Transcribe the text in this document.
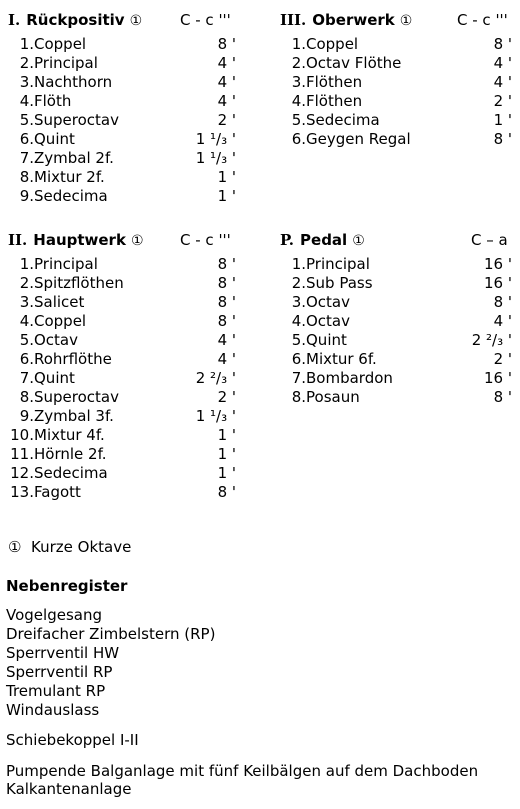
I. Rückpositiv ①	C - c '''
1.Coppel	8 '
2.Principal	4 '
3.Nachthorn	4 '
4.Flöth	4 '
5.Superoctav	2 '
6.Quint	1 ¹/₃ '
7.Zymbal 2f.	1 ¹/₃ '
8.Mixtur 2f.	1 '
9.Sedecima	1 '
III. Oberwerk ①	C - c '''
1.Coppel	8 '
2.Octav Flöthe	4 '
3.Flöthen	4 '
4.Flöthen	2 '
5.Sedecima	1 '
6.Geygen Regal	8 '
II. Hauptwerk ① C - c '''
1.Principal	8 '
2.Spitzflöthen	8 '
3.Salicet	8 '
4.Coppel	8 '
5.Octav	4 '
6.Rohrflöthe	4 '
7.Quint	2 ²/₃ '
8.Superoctav	2 '
9.Zymbal 3f.	1 ¹/₃ '
10.Mixtur 4f.	1 '
11.Hörnle 2f.	1 '
12.Sedecima	1 '
13.Fagott	8 '
P. Pedal ①	C – a
1.Principal	16 '
2.Sub Pass	16 '
3.Octav	8 '
4.Octav	4 '
5.Quint	2 ²/₃ '
6.Mixtur 6f.	2 '
7.Bombardon	16 '
8.Posaun	8 '
① Kurze Oktave
Nebenregister
Vogelgesang
Dreifacher Zimbelstern (RP)
Sperrventil HW
Sperrventil RP
Tremulant RP
Windauslass
Schiebekoppel I-II
Pumpende Balganlage mit fünf Keilbälgen auf dem Dachboden
Kalkantenanlage
